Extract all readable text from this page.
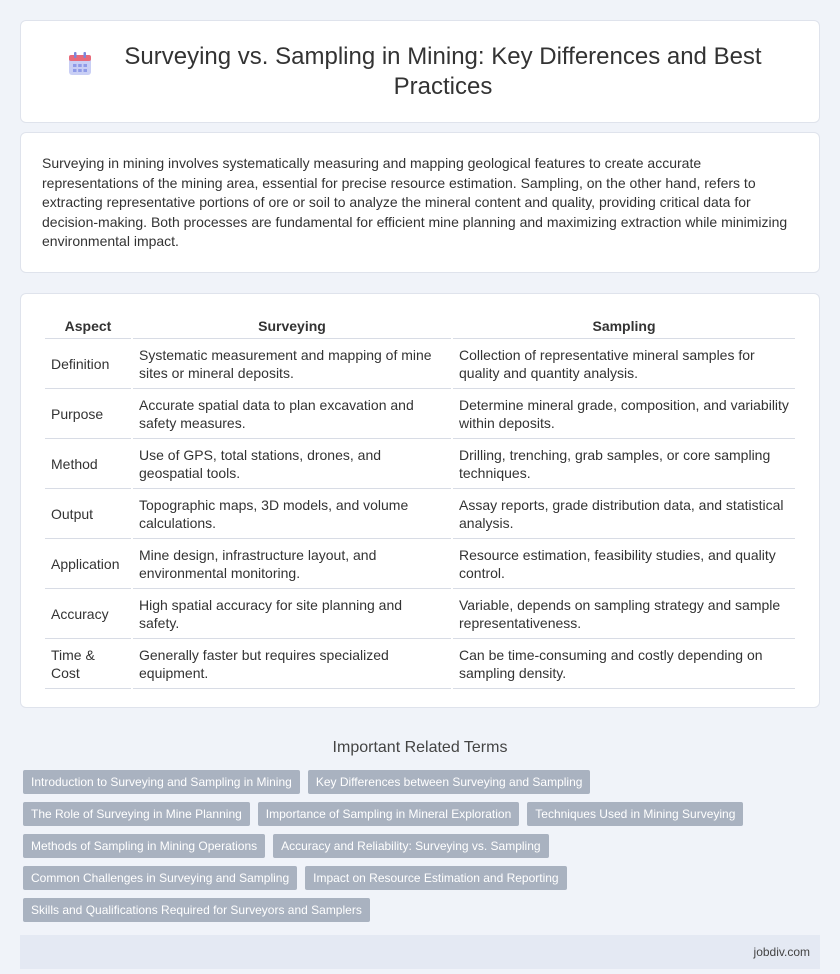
Surveying vs. Sampling in Mining: Key Differences and Best Practices
Surveying in mining involves systematically measuring and mapping geological features to create accurate representations of the mining area, essential for precise resource estimation. Sampling, on the other hand, refers to extracting representative portions of ore or soil to analyze the mineral content and quality, providing critical data for decision-making. Both processes are fundamental for efficient mine planning and maximizing extraction while minimizing environmental impact.
Aspect	Surveying	Sampling
Definition	Systematic measurement and mapping of mine sites or mineral deposits.	Collection of representative mineral samples for quality and quantity analysis.
Purpose	Accurate spatial data to plan excavation and safety measures.	Determine mineral grade, composition, and variability within deposits.
Method	Use of GPS, total stations, drones, and geospatial tools.	Drilling, trenching, grab samples, or core sampling techniques.
Output	Topographic maps, 3D models, and volume calculations.	Assay reports, grade distribution data, and statistical analysis.
Application	Mine design, infrastructure layout, and environmental monitoring.	Resource estimation, feasibility studies, and quality control.
Accuracy	High spatial accuracy for site planning and safety.	Variable, depends on sampling strategy and sample representativeness.
Time & Cost	Generally faster but requires specialized equipment.	Can be time-consuming and costly depending on sampling density.
Important Related Terms
Introduction to Surveying and Sampling in Mining	Key Differences between Surveying and Sampling
The Role of Surveying in Mine Planning	Importance of Sampling in Mineral Exploration	Techniques Used in Mining Surveying
Methods of Sampling in Mining Operations	Accuracy and Reliability: Surveying vs. Sampling
Common Challenges in Surveying and Sampling	Impact on Resource Estimation and Reporting
Skills and Qualifications Required for Surveyors and Samplers
jobdiv.com
